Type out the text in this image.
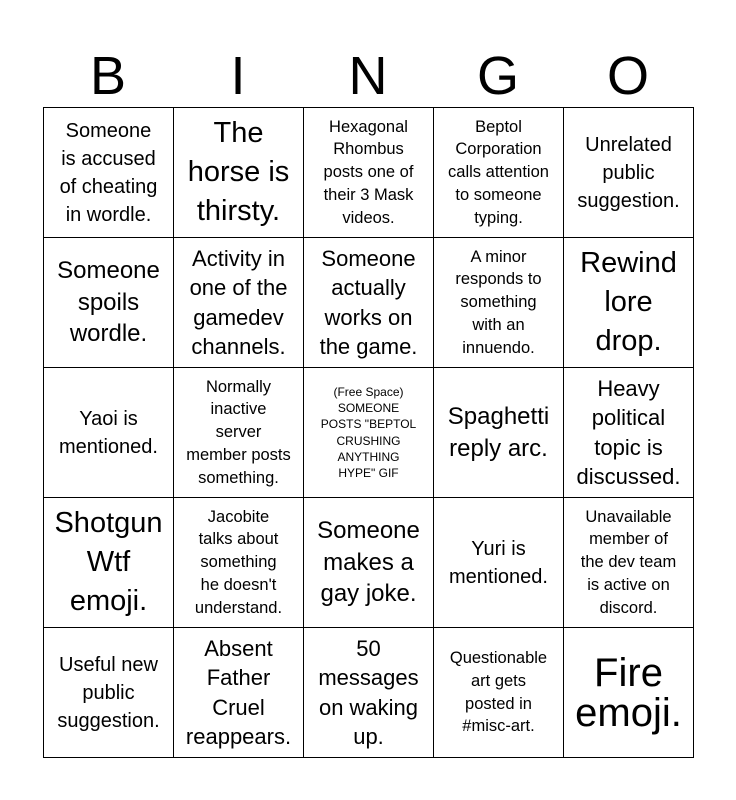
B	I	N	G	O
Someone
is accused
of cheating
in wordle.
The
horse is
thirsty.
Hexagonal
Rhombus
posts one of
their 3 Mask
videos.
Beptol
Corporation
calls attention
to someone
typing.
Unrelated
public
suggestion.
Someone
spoils
wordle.
Activity in
one of the
gamedev
channels.
Someone
actually
works on
the game.
A minor
responds to
something
with an
innuendo.
Rewind
lore
drop.
Yaoi is
mentioned.
Normally
inactive
server
member posts
something.
(Free Space)
SOMEONE
POSTS "BEPTOL
CRUSHING
ANYTHING
HYPE" GIF
Spaghetti
reply arc.
Heavy
political
topic is
discussed.
Shotgun
Wtf
emoji.
Jacobite
talks about
something
he doesn't
understand.
Someone
makes a
gay joke.
Yuri is
mentioned.
Unavailable
member of
the dev team
is active on
discord.
Useful new
public
suggestion.
Absent
Father
Cruel
reappears.
50
messages
on waking
up.
Questionable
art gets
posted in
#misc-art.
Fire
emoji.
